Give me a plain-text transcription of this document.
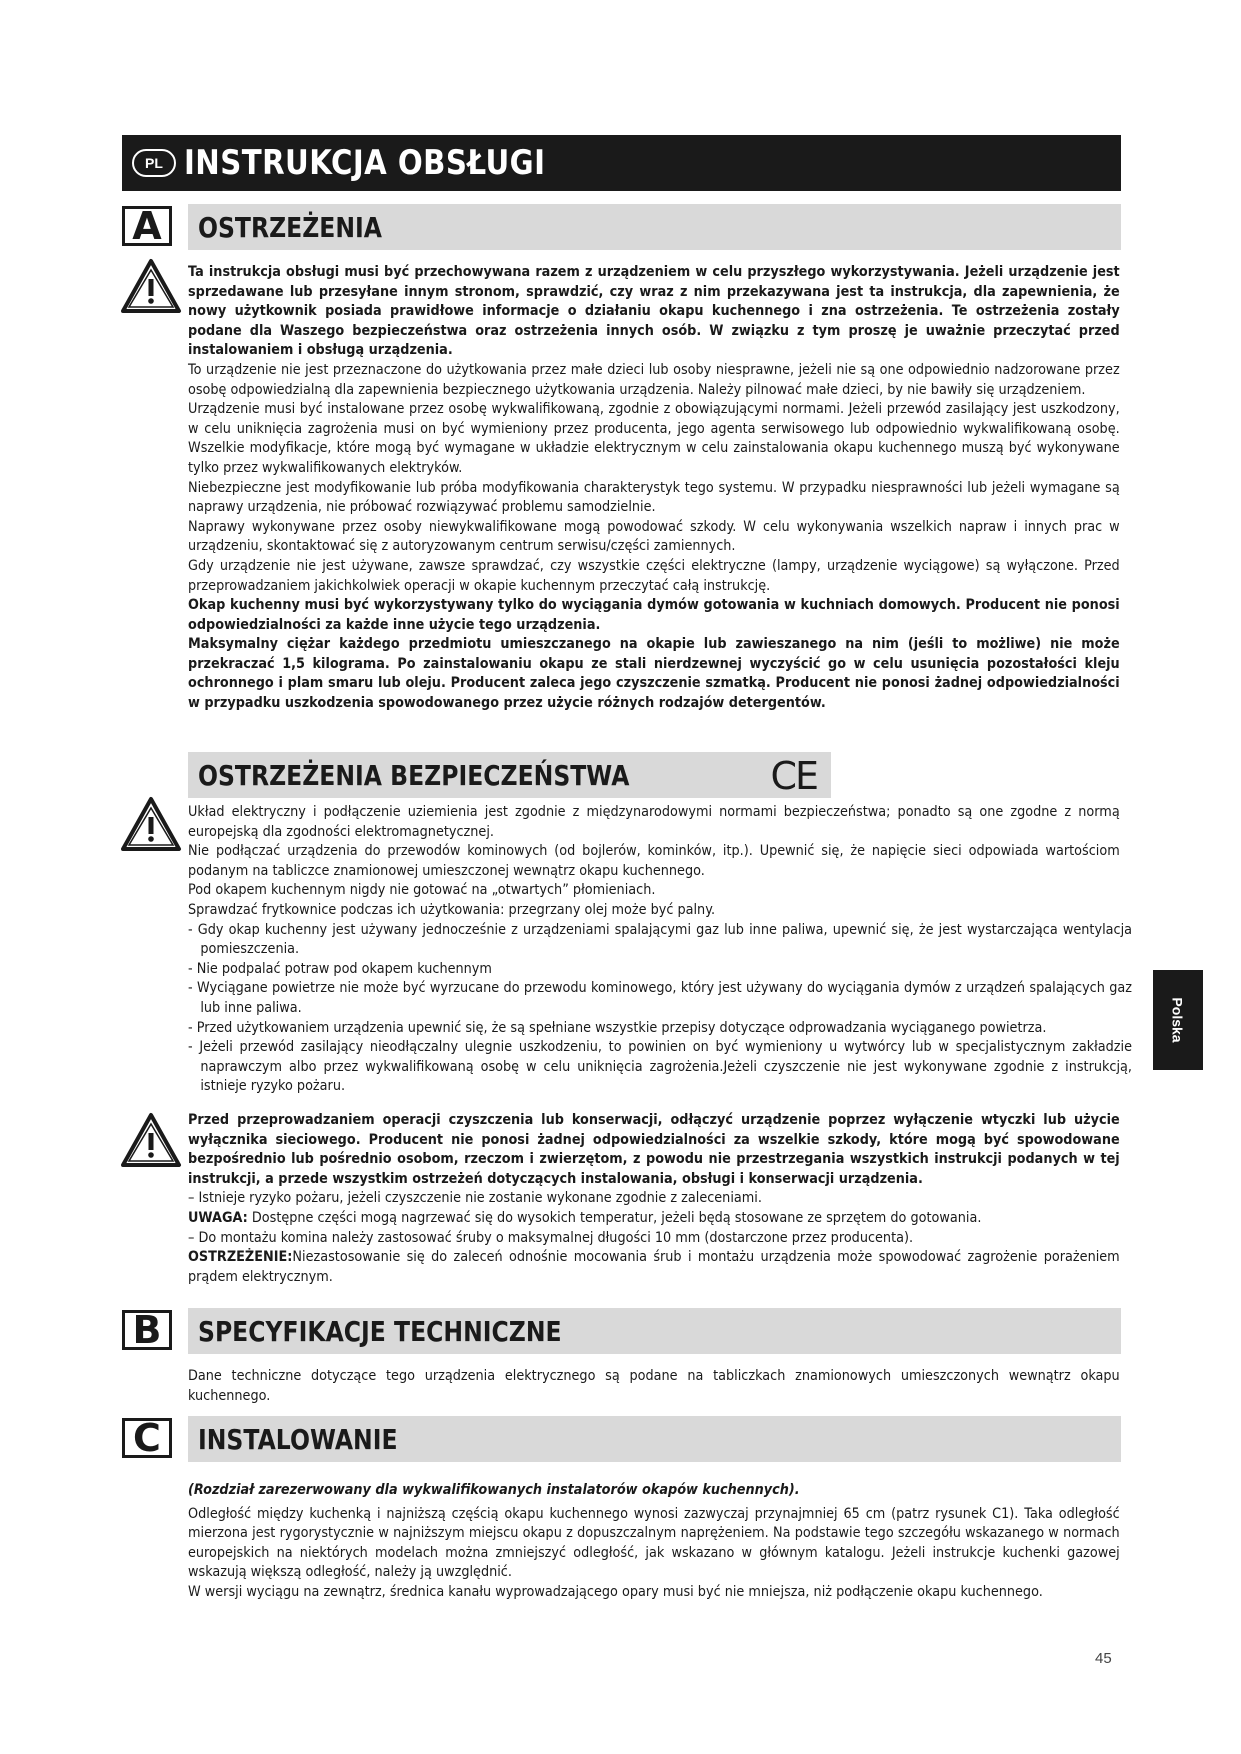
PL INSTRUKCJA OBSŁUGI
A	OSTRZEŻENIA

Ta instrukcja obsługi musi być przechowywana razem z urządzeniem w celu przyszłego wykorzystywania. Jeżeli urządzenie jest sprzedawane lub przesyłane innym stronom, sprawdzić, czy wraz z nim przekazywana jest ta instrukcja, dla zapewnienia, że nowy użytkownik posiada prawidłowe informacje o działaniu okapu kuchennego i zna ostrzeżenia. Te ostrzeżenia zostały podane dla Waszego bezpieczeństwa oraz ostrzeżenia innych osób. W związku z tym proszę je uważnie przeczytać przed instalowaniem i obsługą urządzenia.

To urządzenie nie jest przeznaczone do użytkowania przez małe dzieci lub osoby niesprawne, jeżeli nie są one odpowiednio nadzorowane przez osobę odpowiedzialną dla zapewnienia bezpiecznego użytkowania urządzenia. Należy pilnować małe dzieci, by nie bawiły się urządzeniem.

Urządzenie musi być instalowane przez osobę wykwalifikowaną, zgodnie z obowiązującymi normami. Jeżeli przewód zasilający jest uszkodzony, w celu uniknięcia zagrożenia musi on być wymieniony przez producenta, jego agenta serwisowego lub odpowiednio wykwalifikowaną osobę. Wszelkie modyfikacje, które mogą być wymagane w układzie elektrycznym w celu zainstalowania okapu kuchennego muszą być wykonywane tylko przez wykwalifikowanych elektryków.

Niebezpieczne jest modyfikowanie lub próba modyfikowania charakterystyk tego systemu. W przypadku niesprawności lub jeżeli wymagane są naprawy urządzenia, nie próbować rozwiązywać problemu samodzielnie.

Naprawy wykonywane przez osoby niewykwalifikowane mogą powodować szkody. W celu wykonywania wszelkich napraw i innych prac w urządzeniu, skontaktować się z autoryzowanym centrum serwisu/części zamiennych.

Gdy urządzenie nie jest używane, zawsze sprawdzać, czy wszystkie części elektryczne (lampy, urządzenie wyciągowe) są wyłączone. Przed przeprowadzaniem jakichkolwiek operacji w okapie kuchennym przeczytać całą instrukcję.

Okap kuchenny musi być wykorzystywany tylko do wyciągania dymów gotowania w kuchniach domowych. Producent nie ponosi odpowiedzialności za każde inne użycie tego urządzenia.

Maksymalny ciężar każdego przedmiotu umieszczanego na okapie lub zawieszanego na nim (jeśli to możliwe) nie może przekraczać 1,5 kilograma. Po zainstalowaniu okapu ze stali nierdzewnej wyczyścić go w celu usunięcia pozostałości kleju ochronnego i plam smaru lub oleju. Producent zaleca jego czyszczenie szmatką. Producent nie ponosi żadnej odpowiedzialności w przypadku uszkodzenia spowodowanego przez użycie różnych rodzajów detergentów.

OSTRZEŻENIA BEZPIECZEŃSTWA	CE

Układ elektryczny i podłączenie uziemienia jest zgodnie z międzynarodowymi normami bezpieczeństwa; ponadto są one zgodne z normą europejską dla zgodności elektromagnetycznej.

Nie podłączać urządzenia do przewodów kominowych (od bojlerów, kominków, itp.). Upewnić się, że napięcie sieci odpowiada wartościom podanym na tabliczce znamionowej umieszczonej wewnątrz okapu kuchennego.

Pod okapem kuchennym nigdy nie gotować na „otwartych” płomieniach.

Sprawdzać frytkownice podczas ich użytkowania: przegrzany olej może być palny.

- Gdy okap kuchenny jest używany jednocześnie z urządzeniami spalającymi gaz lub inne paliwa, upewnić się, że jest wystarczająca wentylacja pomieszczenia.

- Nie podpalać potraw pod okapem kuchennym

- Wyciągane powietrze nie może być wyrzucane do przewodu kominowego, który jest używany do wyciągania dymów z urządzeń spalających gaz lub inne paliwa.

- Przed użytkowaniem urządzenia upewnić się, że są spełniane wszystkie przepisy dotyczące odprowadzania wyciąganego powietrza.

- Jeżeli przewód zasilający nieodłączalny ulegnie uszkodzeniu, to powinien on być wymieniony u wytwórcy lub w specjalistycznym zakładzie naprawczym albo przez wykwalifikowaną osobę w celu uniknięcia zagrożenia.Jeżeli czyszczenie nie jest wykonywane zgodnie z instrukcją, istnieje ryzyko pożaru.

Przed przeprowadzaniem operacji czyszczenia lub konserwacji, odłączyć urządzenie poprzez wyłączenie wtyczki lub użycie wyłącznika sieciowego. Producent nie ponosi żadnej odpowiedzialności za wszelkie szkody, które mogą być spowodowane bezpośrednio lub pośrednio osobom, rzeczom i zwierzętom, z powodu nie przestrzegania wszystkich instrukcji podanych w tej instrukcji, a przede wszystkim ostrzeżeń dotyczących instalowania, obsługi i konserwacji urządzenia.

– Istnieje ryzyko pożaru, jeżeli czyszczenie nie zostanie wykonane zgodnie z zaleceniami.

UWAGA: Dostępne części mogą nagrzewać się do wysokich temperatur, jeżeli będą stosowane ze sprzętem do gotowania.

– Do montażu komina należy zastosować śruby o maksymalnej długości 10 mm (dostarczone przez producenta).

OSTRZEŻENIE:Niezastosowanie się do zaleceń odnośnie mocowania śrub i montażu urządzenia może spowodować zagrożenie porażeniem prądem elektrycznym.

B	SPECYFIKACJE TECHNICZNE

Dane techniczne dotyczące tego urządzenia elektrycznego są podane na tabliczkach znamionowych umieszczonych wewnątrz okapu kuchennego.

C	INSTALOWANIE

(Rozdział zarezerwowany dla wykwalifikowanych instalatorów okapów kuchennych).

Odległość między kuchenką i najniższą częścią okapu kuchennego wynosi zazwyczaj przynajmniej 65 cm (patrz rysunek C1). Taka odległość mierzona jest rygorystycznie w najniższym miejscu okapu z dopuszczalnym naprężeniem. Na podstawie tego szczegółu wskazanego w normach europejskich na niektórych modelach można zmniejszyć odległość, jak wskazano w głównym katalogu. Jeżeli instrukcje kuchenki gazowej wskazują większą odległość, należy ją uwzględnić.

W wersji wyciągu na zewnątrz, średnica kanału wyprowadzającego opary musi być nie mniejsza, niż podłączenie okapu kuchennego.

Polska
45
